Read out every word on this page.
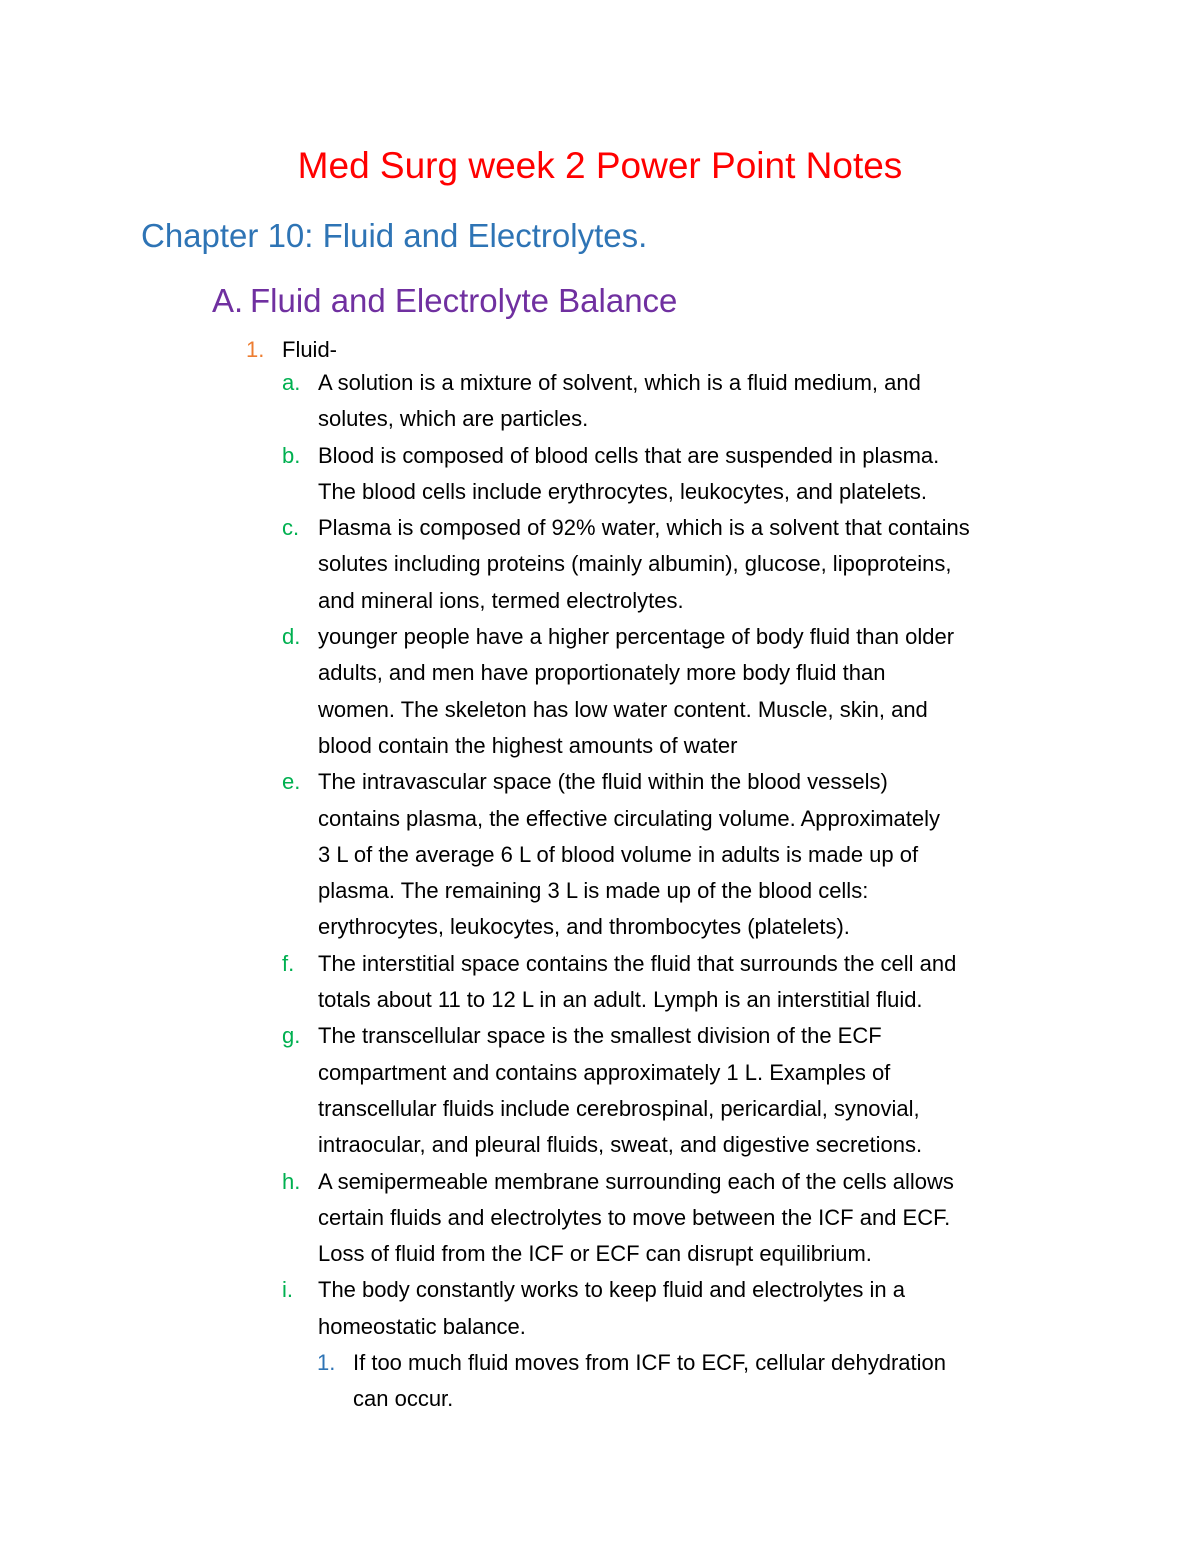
Med Surg week 2 Power Point Notes
Chapter 10: Fluid and Electrolytes.
A. Fluid and Electrolyte Balance
1. Fluid-
a. A solution is a mixture of solvent, which is a fluid medium, and
solutes, which are particles.
b. Blood is composed of blood cells that are suspended in plasma.
The blood cells include erythrocytes, leukocytes, and platelets.
c. Plasma is composed of 92% water, which is a solvent that contains
solutes including proteins (mainly albumin), glucose, lipoproteins,
and mineral ions, termed electrolytes.
d. younger people have a higher percentage of body fluid than older
adults, and men have proportionately more body fluid than
women. The skeleton has low water content. Muscle, skin, and
blood contain the highest amounts of water
e. The intravascular space (the fluid within the blood vessels)
contains plasma, the effective circulating volume. Approximately
3 L of the average 6 L of blood volume in adults is made up of
plasma. The remaining 3 L is made up of the blood cells:
erythrocytes, leukocytes, and thrombocytes (platelets).
f. The interstitial space contains the fluid that surrounds the cell and
totals about 11 to 12 L in an adult. Lymph is an interstitial fluid.
g. The transcellular space is the smallest division of the ECF
compartment and contains approximately 1 L. Examples of
transcellular fluids include cerebrospinal, pericardial, synovial,
intraocular, and pleural fluids, sweat, and digestive secretions.
h. A semipermeable membrane surrounding each of the cells allows
certain fluids and electrolytes to move between the ICF and ECF.
Loss of fluid from the ICF or ECF can disrupt equilibrium.
i. The body constantly works to keep fluid and electrolytes in a
homeostatic balance.
1. If too much fluid moves from ICF to ECF, cellular dehydration
can occur.
